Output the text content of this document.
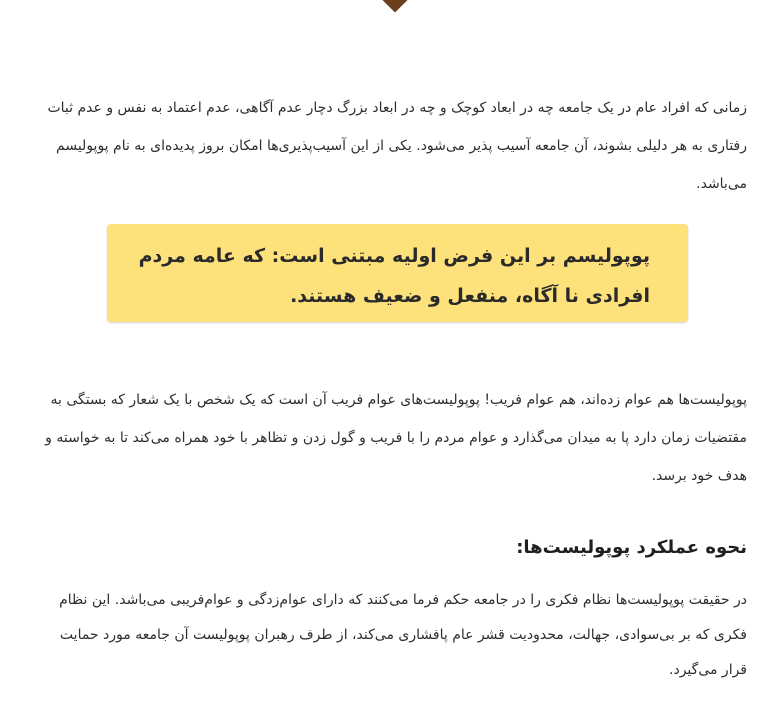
زمانی که افراد عام در یک جامعه چه در ابعاد کوچک و چه در ابعاد بزرگ دچار عدم آگاهی، عدم اعتماد به نفس و عدم ثبات رفتاری به هر دلیلی بشوند، آن جامعه آسیب پذیر می‌شود. یکی از این آسیب‌پذیری‌ها امکان بروز پدیده‌ای به نام پوپولیسم می‌باشد.

پوپولیسم بر این فرض اولیه مبتنی است: که عامه مردم افرادی نا آگاه، منفعل و ضعیف هستند.

پوپولیست‌ها هم عوام زده‌اند، هم عوام فریب! پوپولیست‌های عوام فریب آن است که یک شخص با یک شعار که بستگی به مقتضیات زمان دارد پا به میدان می‌گذارد و عوام مردم را با فریب و گول زدن و تظاهر با خود همراه می‌کند تا به خواسته و هدف خود برسد.

نحوه عملکرد پوپولیست‌ها:

در حقیقت پوپولیست‌ها نظام فکری را در جامعه حکم فرما می‌کنند که دارای عوام‌زدگی و عوام‌فریبی می‌باشد. این نظام فکری که بر بی‌سوادی، جهالت، محدودیت قشر عام پافشاری می‌کند، از طرف رهبران پوپولیست آن جامعه مورد حمایت قرار می‌گیرد.
